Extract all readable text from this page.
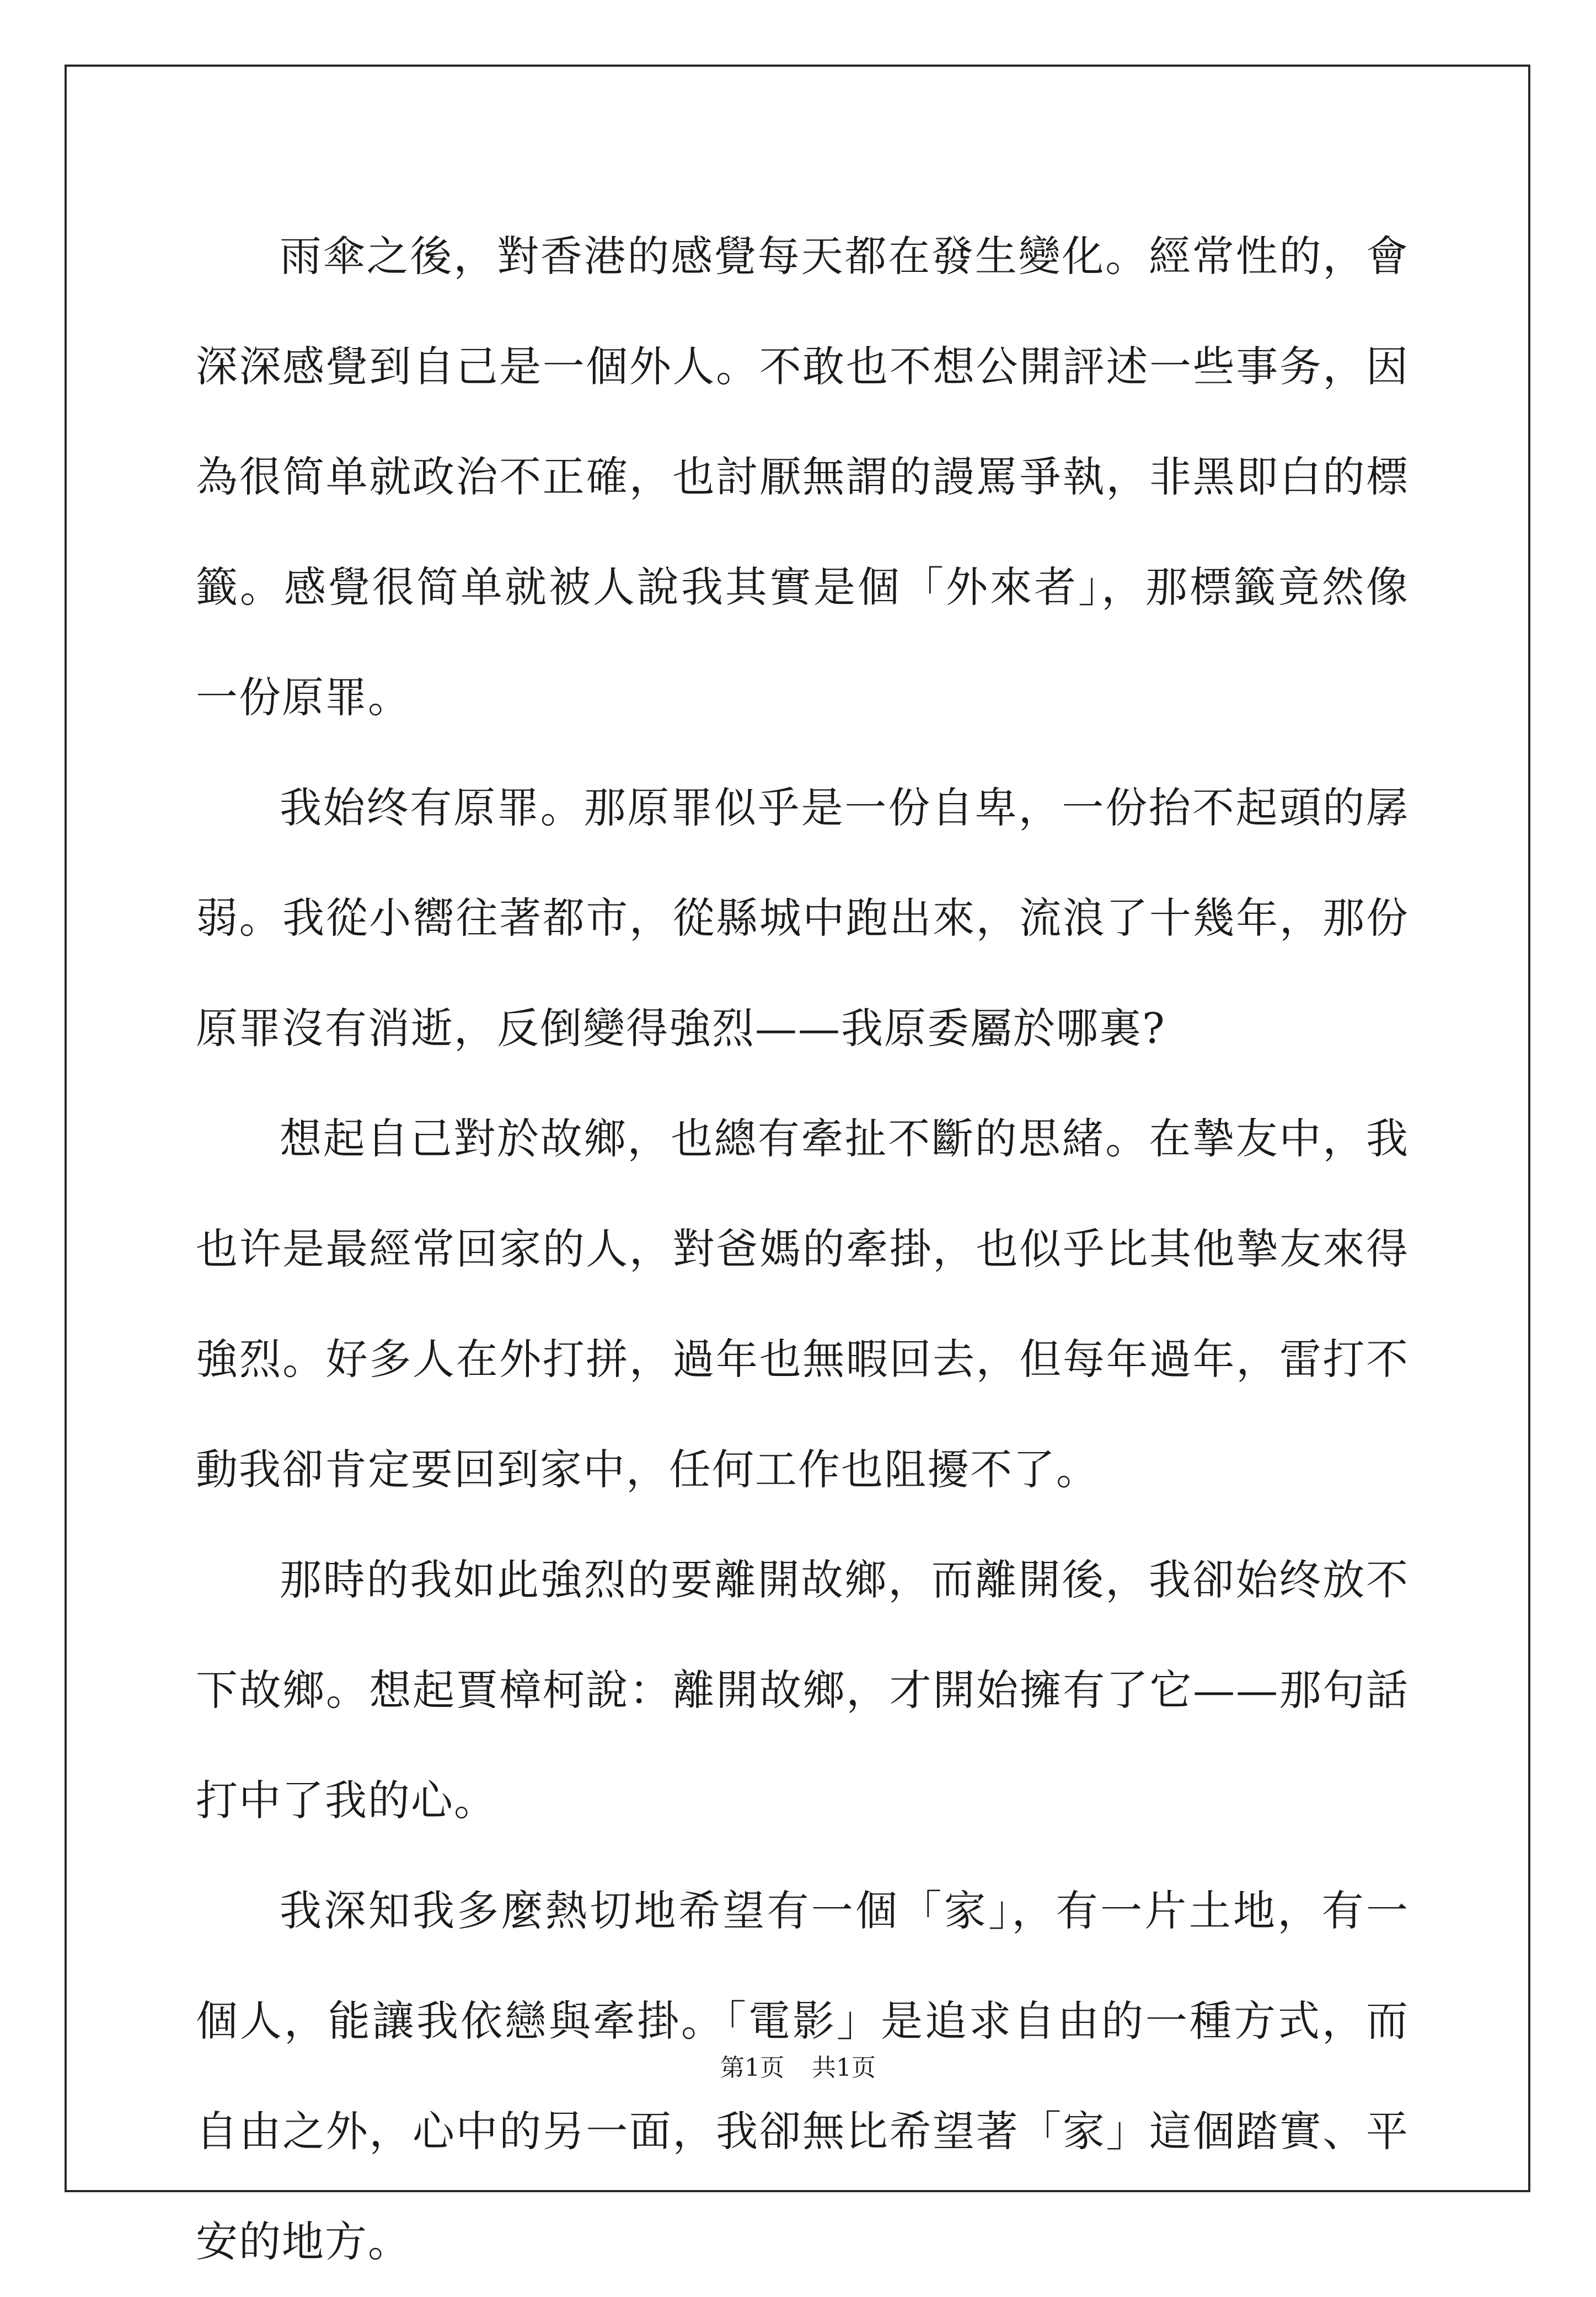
雨傘之後，對香港的感覺每天都在發生變化。經常性的，會深深感覺到自己是一個外人。不敢也不想公開評述一些事务，因為很简单就政治不正確，也討厭無謂的謾罵爭執，非黑即白的標籤。感覺很简单就被人說我其實是個「外來者」，那標籤竟然像一份原罪。

我始终有原罪。那原罪似乎是一份自卑，一份抬不起頭的孱弱。我從小嚮往著都市，從縣城中跑出來，流浪了十幾年，那份原罪沒有消逝，反倒變得強烈——我原委屬於哪裏?

想起自己對於故鄉，也總有牽扯不斷的思緒。在摯友中，我也许是最經常回家的人，對爸媽的牽掛，也似乎比其他摯友來得強烈。好多人在外打拼，過年也無暇回去，但每年過年，雷打不動我卻肯定要回到家中，任何工作也阻擾不了。

那時的我如此強烈的要離開故鄉，而離開後，我卻始终放不下故鄉。想起賈樟柯說：離開故鄉，才開始擁有了它——那句話打中了我的心。

我深知我多麼熱切地希望有一個「家」，有一片土地，有一個人，能讓我依戀與牽掛。「電影」是追求自由的一種方式，而自由之外，心中的另一面，我卻無比希望著「家」這個踏實、平安的地方。

第1页 共1页
